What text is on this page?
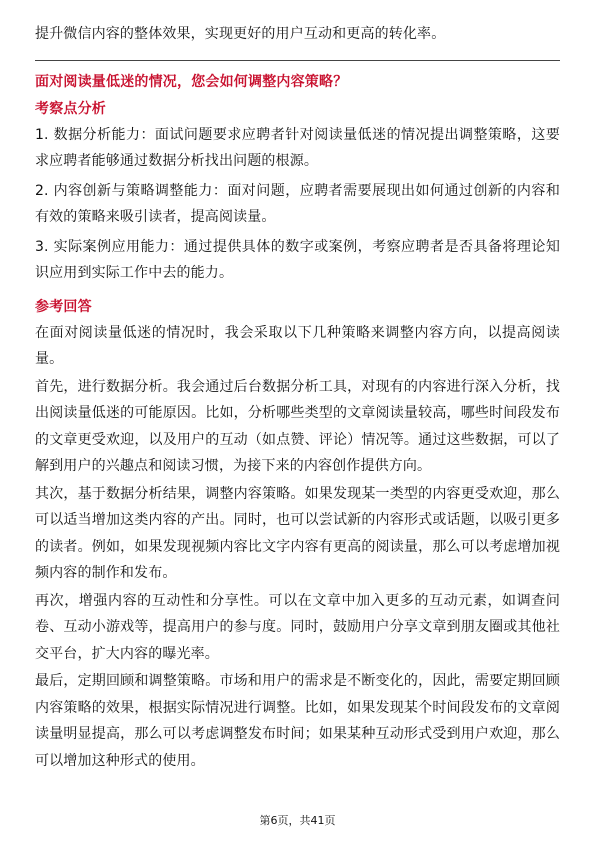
提升微信内容的整体效果，实现更好的用户互动和更高的转化率。

面对阅读量低迷的情况，您会如何调整内容策略？
考察点分析

1. 数据分析能力：面试问题要求应聘者针对阅读量低迷的情况提出调整策略，这要求应聘者能够通过数据分析找出问题的根源。

2. 内容创新与策略调整能力：面对问题，应聘者需要展现出如何通过创新的内容和有效的策略来吸引读者，提高阅读量。

3. 实际案例应用能力：通过提供具体的数字或案例，考察应聘者是否具备将理论知识应用到实际工作中去的能力。

参考回答

在面对阅读量低迷的情况时，我会采取以下几种策略来调整内容方向，以提高阅读量。

首先，进行数据分析。我会通过后台数据分析工具，对现有的内容进行深入分析，找出阅读量低迷的可能原因。比如，分析哪些类型的文章阅读量较高，哪些时间段发布的文章更受欢迎，以及用户的互动（如点赞、评论）情况等。通过这些数据，可以了解到用户的兴趣点和阅读习惯，为接下来的内容创作提供方向。

其次，基于数据分析结果，调整内容策略。如果发现某一类型的内容更受欢迎，那么可以适当增加这类内容的产出。同时，也可以尝试新的内容形式或话题，以吸引更多的读者。例如，如果发现视频内容比文字内容有更高的阅读量，那么可以考虑增加视频内容的制作和发布。

再次，增强内容的互动性和分享性。可以在文章中加入更多的互动元素，如调查问卷、互动小游戏等，提高用户的参与度。同时，鼓励用户分享文章到朋友圈或其他社交平台，扩大内容的曝光率。

最后，定期回顾和调整策略。市场和用户的需求是不断变化的，因此，需要定期回顾内容策略的效果，根据实际情况进行调整。比如，如果发现某个时间段发布的文章阅读量明显提高，那么可以考虑调整发布时间；如果某种互动形式受到用户欢迎，那么可以增加这种形式的使用。

第6页，共41页
